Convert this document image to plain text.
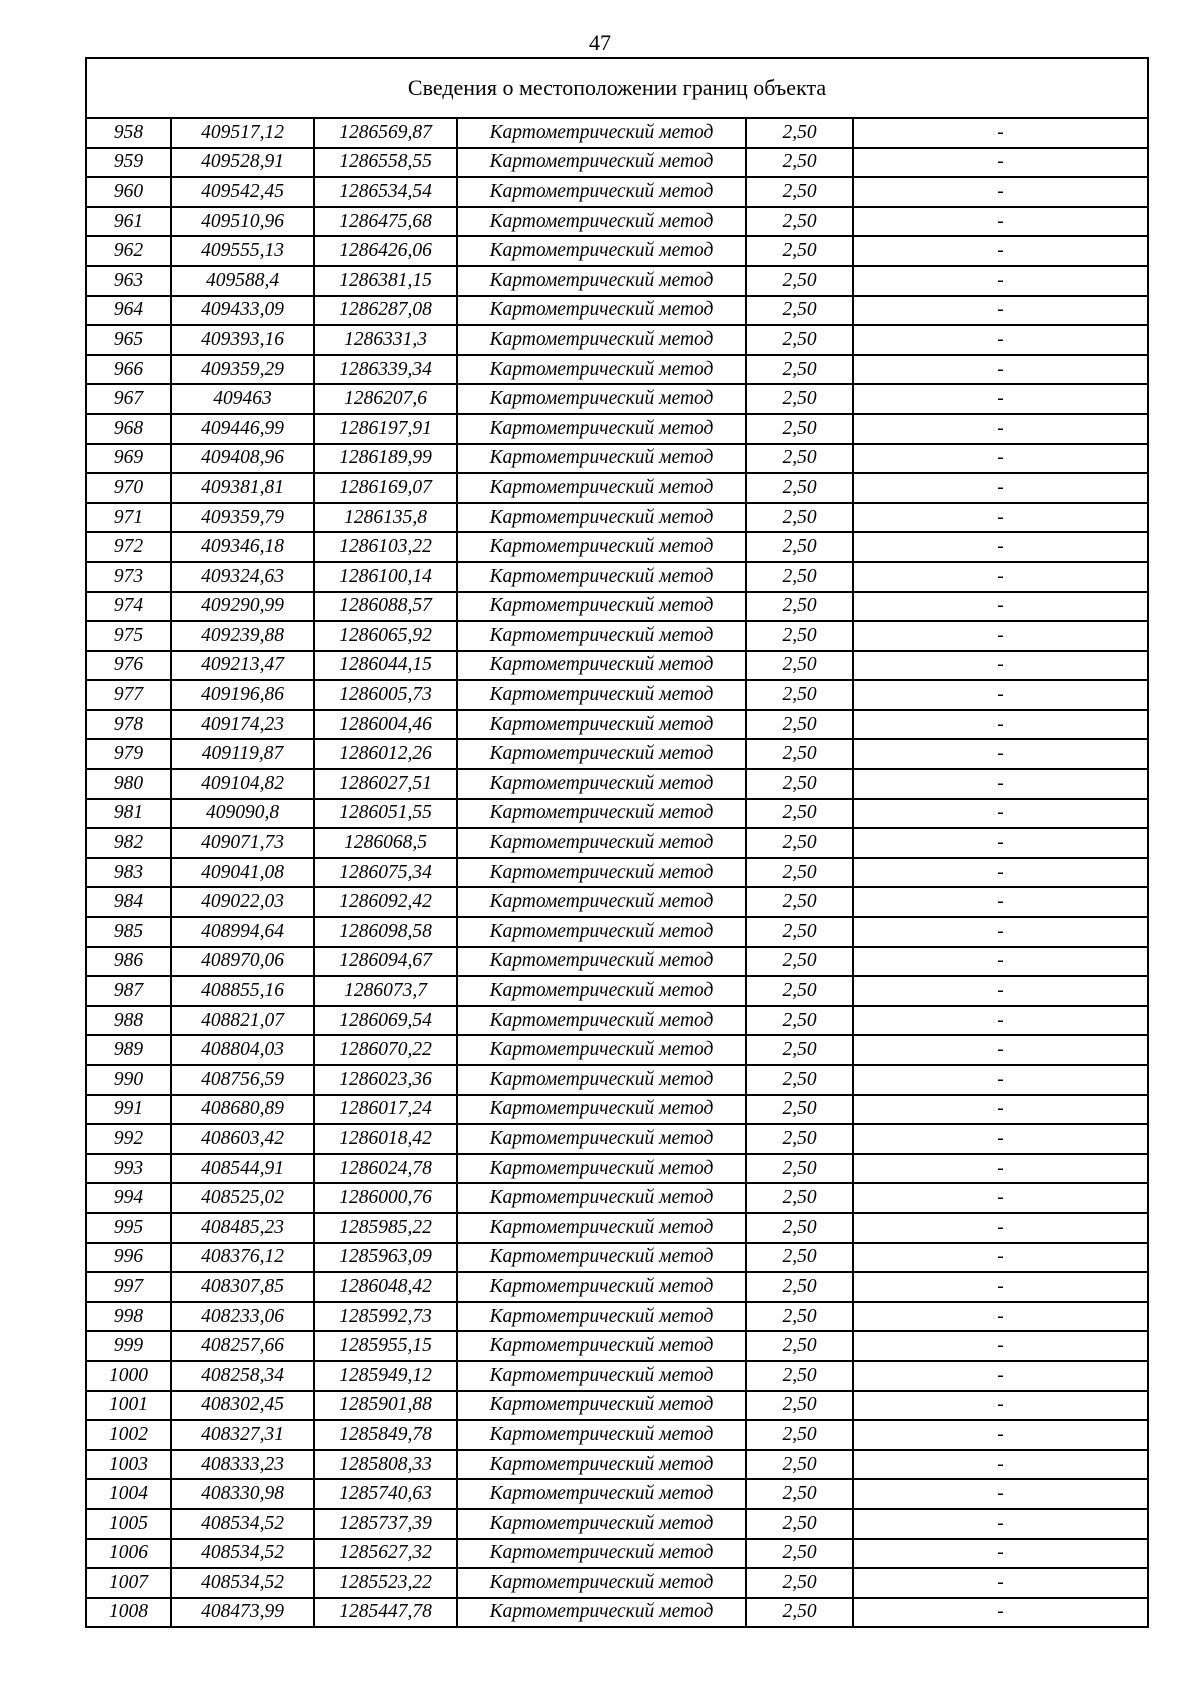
47
Сведения о местоположении границ объекта					
958	409517,12	1286569,87	Картометрический метод	2,50	-
959	409528,91	1286558,55	Картометрический метод	2,50	-
960	409542,45	1286534,54	Картометрический метод	2,50	-
961	409510,96	1286475,68	Картометрический метод	2,50	-
962	409555,13	1286426,06	Картометрический метод	2,50	-
963	409588,4	1286381,15	Картометрический метод	2,50	-
964	409433,09	1286287,08	Картометрический метод	2,50	-
965	409393,16	1286331,3	Картометрический метод	2,50	-
966	409359,29	1286339,34	Картометрический метод	2,50	-
967	409463	1286207,6	Картометрический метод	2,50	-
968	409446,99	1286197,91	Картометрический метод	2,50	-
969	409408,96	1286189,99	Картометрический метод	2,50	-
970	409381,81	1286169,07	Картометрический метод	2,50	-
971	409359,79	1286135,8	Картометрический метод	2,50	-
972	409346,18	1286103,22	Картометрический метод	2,50	-
973	409324,63	1286100,14	Картометрический метод	2,50	-
974	409290,99	1286088,57	Картометрический метод	2,50	-
975	409239,88	1286065,92	Картометрический метод	2,50	-
976	409213,47	1286044,15	Картометрический метод	2,50	-
977	409196,86	1286005,73	Картометрический метод	2,50	-
978	409174,23	1286004,46	Картометрический метод	2,50	-
979	409119,87	1286012,26	Картометрический метод	2,50	-
980	409104,82	1286027,51	Картометрический метод	2,50	-
981	409090,8	1286051,55	Картометрический метод	2,50	-
982	409071,73	1286068,5	Картометрический метод	2,50	-
983	409041,08	1286075,34	Картометрический метод	2,50	-
984	409022,03	1286092,42	Картометрический метод	2,50	-
985	408994,64	1286098,58	Картометрический метод	2,50	-
986	408970,06	1286094,67	Картометрический метод	2,50	-
987	408855,16	1286073,7	Картометрический метод	2,50	-
988	408821,07	1286069,54	Картометрический метод	2,50	-
989	408804,03	1286070,22	Картометрический метод	2,50	-
990	408756,59	1286023,36	Картометрический метод	2,50	-
991	408680,89	1286017,24	Картометрический метод	2,50	-
992	408603,42	1286018,42	Картометрический метод	2,50	-
993	408544,91	1286024,78	Картометрический метод	2,50	-
994	408525,02	1286000,76	Картометрический метод	2,50	-
995	408485,23	1285985,22	Картометрический метод	2,50	-
996	408376,12	1285963,09	Картометрический метод	2,50	-
997	408307,85	1286048,42	Картометрический метод	2,50	-
998	408233,06	1285992,73	Картометрический метод	2,50	-
999	408257,66	1285955,15	Картометрический метод	2,50	-
1000	408258,34	1285949,12	Картометрический метод	2,50	-
1001	408302,45	1285901,88	Картометрический метод	2,50	-
1002	408327,31	1285849,78	Картометрический метод	2,50	-
1003	408333,23	1285808,33	Картометрический метод	2,50	-
1004	408330,98	1285740,63	Картометрический метод	2,50	-
1005	408534,52	1285737,39	Картометрический метод	2,50	-
1006	408534,52	1285627,32	Картометрический метод	2,50	-
1007	408534,52	1285523,22	Картометрический метод	2,50	-
1008	408473,99	1285447,78	Картометрический метод	2,50	-
